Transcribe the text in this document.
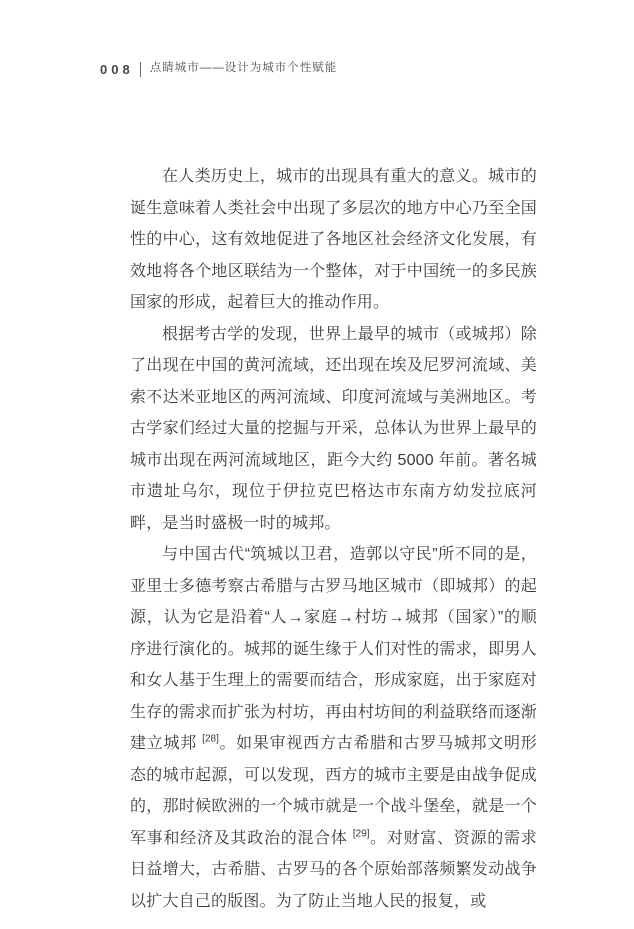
008 点睛城市——设计为城市个性赋能

在人类历史上，城市的出现具有重大的意义。城市的诞生意味着人类社会中出现了多层次的地方中心乃至全国性的中心，这有效地促进了各地区社会经济文化发展，有效地将各个地区联结为一个整体，对于中国统一的多民族国家的形成，起着巨大的推动作用。

根据考古学的发现，世界上最早的城市（或城邦）除了出现在中国的黄河流域，还出现在埃及尼罗河流域、美索不达米亚地区的两河流域、印度河流域与美洲地区。考古学家们经过大量的挖掘与开采，总体认为世界上最早的城市出现在两河流域地区，距今大约 5000 年前。著名城市遗址乌尔，现位于伊拉克巴格达市东南方幼发拉底河畔，是当时盛极一时的城邦。

与中国古代“筑城以卫君，造郭以守民”所不同的是，亚里士多德考察古希腊与古罗马地区城市（即城邦）的起源，认为它是沿着“人→家庭→村坊→城邦（国家）”的顺序进行演化的。城邦的诞生缘于人们对性的需求，即男人和女人基于生理上的需要而结合，形成家庭，出于家庭对生存的需求而扩张为村坊，再由村坊间的利益联络而逐渐建立城邦 [28]。如果审视西方古希腊和古罗马城邦文明形态的城市起源，可以发现，西方的城市主要是由战争促成的，那时候欧洲的一个城市就是一个战斗堡垒，就是一个军事和经济及其政治的混合体 [29]。对财富、资源的需求日益增大，古希腊、古罗马的各个原始部落频繁发动战争以扩大自己的版图。为了防止当地人民的报复，或
